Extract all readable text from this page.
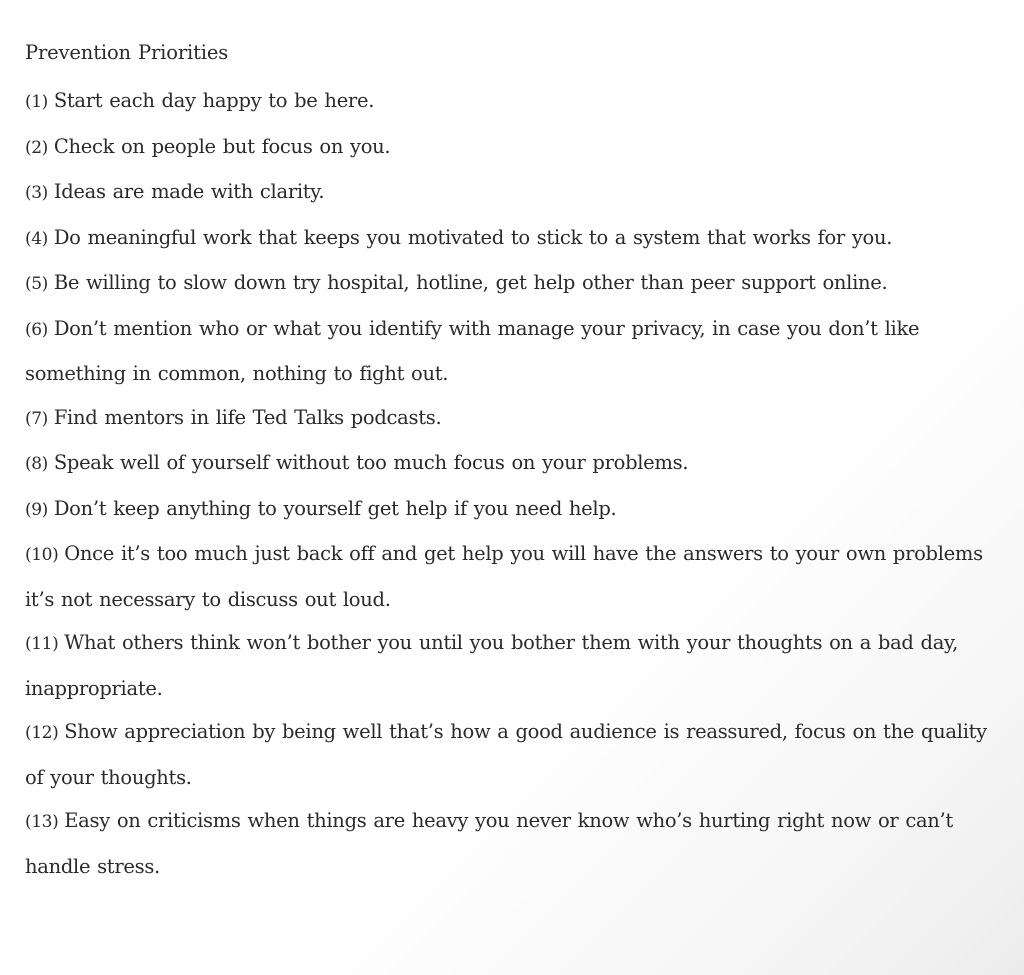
Prevention Priorities
(1) Start each day happy to be here.
(2) Check on people but focus on you.
(3) Ideas are made with clarity.
(4) Do meaningful work that keeps you motivated to stick to a system that works for you.
(5) Be willing to slow down try hospital, hotline, get help other than peer support online.
(6) Don’t mention who or what you identify with manage your privacy, in case you don’t like something in common, nothing to fight out.
(7) Find mentors in life Ted Talks podcasts.
(8) Speak well of yourself without too much focus on your problems.
(9) Don’t keep anything to yourself get help if you need help.
(10) Once it’s too much just back off and get help you will have the answers to your own problems it’s not necessary to discuss out loud.
(11) What others think won’t bother you until you bother them with your thoughts on a bad day, inappropriate.
(12) Show appreciation by being well that’s how a good audience is reassured, focus on the quality of your thoughts.
(13) Easy on criticisms when things are heavy you never know who’s hurting right now or can’t handle stress.
